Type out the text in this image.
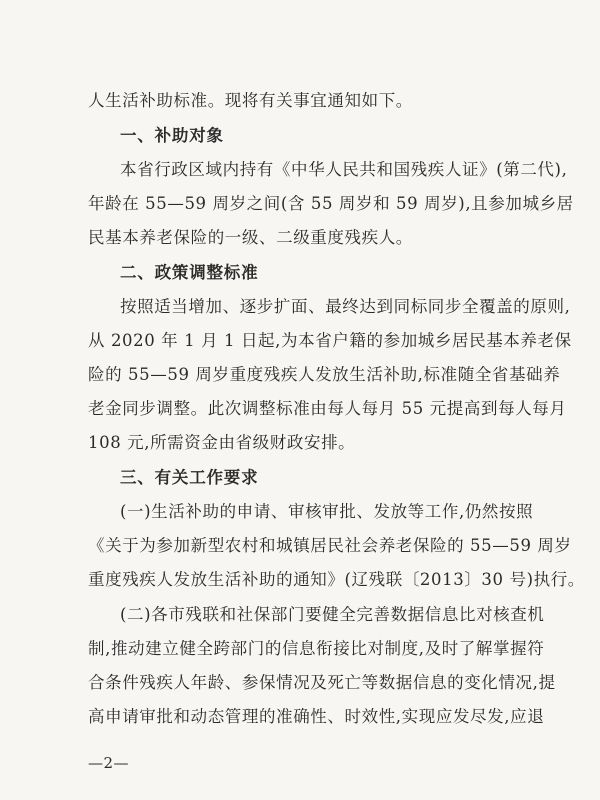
人生活补助标准。现将有关事宜通知如下。
一、补助对象
本省行政区域内持有《中华人民共和国残疾人证》(第二代),
年龄在 55—59 周岁之间(含 55 周岁和 59 周岁),且参加城乡居
民基本养老保险的一级、二级重度残疾人。
二、政策调整标准
按照适当增加、逐步扩面、最终达到同标同步全覆盖的原则,
从 2020 年 1 月 1 日起,为本省户籍的参加城乡居民基本养老保
险的 55—59 周岁重度残疾人发放生活补助,标准随全省基础养
老金同步调整。此次调整标准由每人每月 55 元提高到每人每月
108 元,所需资金由省级财政安排。
三、有关工作要求
(一)生活补助的申请、审核审批、发放等工作,仍然按照
《关于为参加新型农村和城镇居民社会养老保险的 55—59 周岁
重度残疾人发放生活补助的通知》(辽残联〔2013〕30 号)执行。
(二)各市残联和社保部门要健全完善数据信息比对核查机
制,推动建立健全跨部门的信息衔接比对制度,及时了解掌握符
合条件残疾人年龄、参保情况及死亡等数据信息的变化情况,提
高申请审批和动态管理的准确性、时效性,实现应发尽发,应退
—2—
